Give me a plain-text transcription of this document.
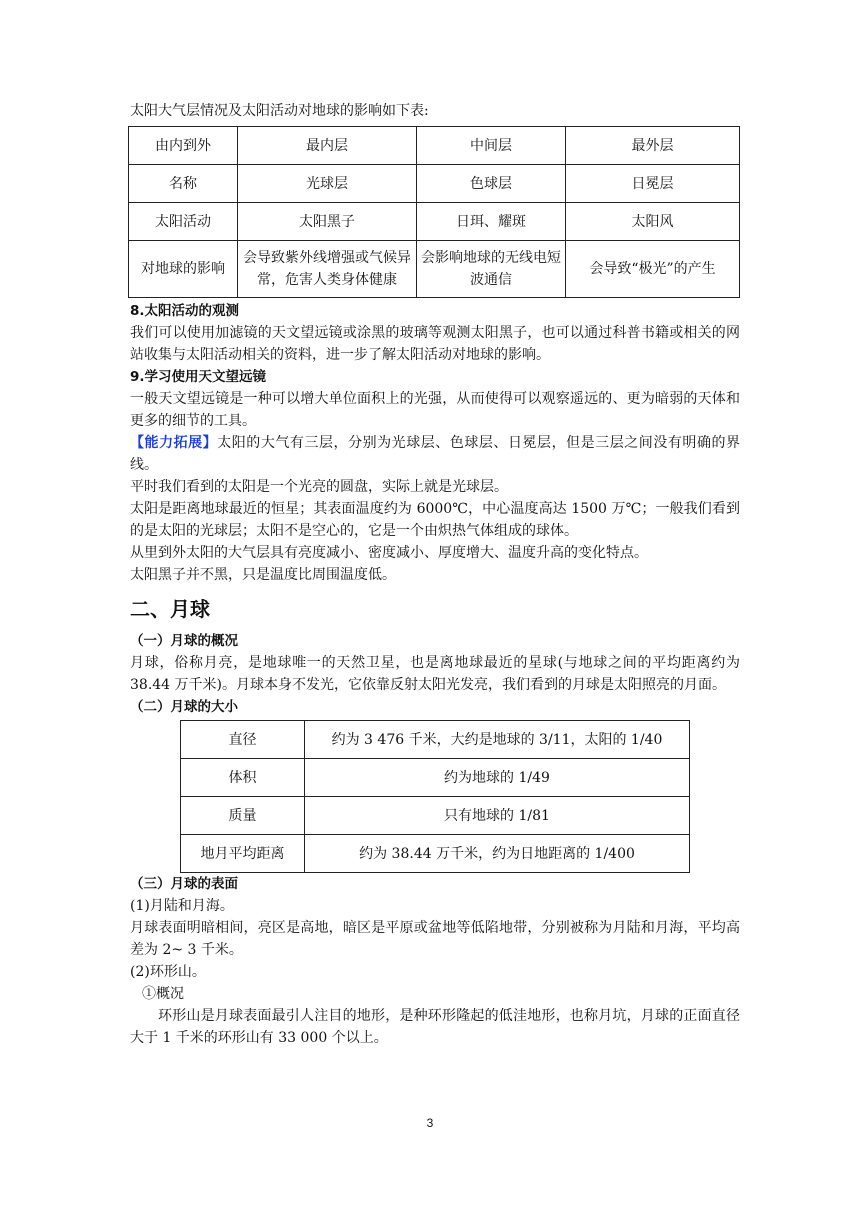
太阳大气层情况及太阳活动对地球的影响如下表:
由内到外	最内层	中间层	最外层
名称	光球层	色球层	日冕层
太阳活动	太阳黑子	日珥、耀斑	太阳风
对地球的影响	会导致紫外线增强或气候异常，危害人类身体健康	会影响地球的无线电短波通信	会导致“极光”的产生
8.太阳活动的观测
我们可以使用加滤镜的天文望远镜或涂黑的玻璃等观测太阳黑子，也可以通过科普书籍或相关的网站收集与太阳活动相关的资料，进一步了解太阳活动对地球的影响。
9.学习使用天文望远镜
一般天文望远镜是一种可以增大单位面积上的光强，从而使得可以观察遥远的、更为暗弱的天体和更多的细节的工具。
【能力拓展】太阳的大气有三层，分别为光球层、色球层、日冕层，但是三层之间没有明确的界线。
平时我们看到的太阳是一个光亮的圆盘，实际上就是光球层。
太阳是距离地球最近的恒星；其表面温度约为 6000℃，中心温度高达 1500 万℃；一般我们看到的是太阳的光球层；太阳不是空心的，它是一个由炽热气体组成的球体。
从里到外太阳的大气层具有亮度减小、密度减小、厚度增大、温度升高的变化特点。
太阳黑子并不黑，只是温度比周围温度低。
二、月球
（一）月球的概况
月球，俗称月亮，是地球唯一的天然卫星，也是离地球最近的星球(与地球之间的平均距离约为 38.44 万千米)。月球本身不发光，它依靠反射太阳光发亮，我们看到的月球是太阳照亮的月面。
（二）月球的大小
直径	约为 3 476 千米，大约是地球的 3/11，太阳的 1/40
体积	约为地球的 1/49
质量	只有地球的 1/81
地月平均距离	约为 38.44 万千米，约为日地距离的 1/400
（三）月球的表面
(1)月陆和月海。
月球表面明暗相间，亮区是高地，暗区是平原或盆地等低陷地带，分别被称为月陆和月海，平均高差为 2~ 3 千米。
(2)环形山。
①概况
环形山是月球表面最引人注目的地形，是种环形隆起的低洼地形，也称月坑，月球的正面直径大于 1 千米的环形山有 33 000 个以上。
3
